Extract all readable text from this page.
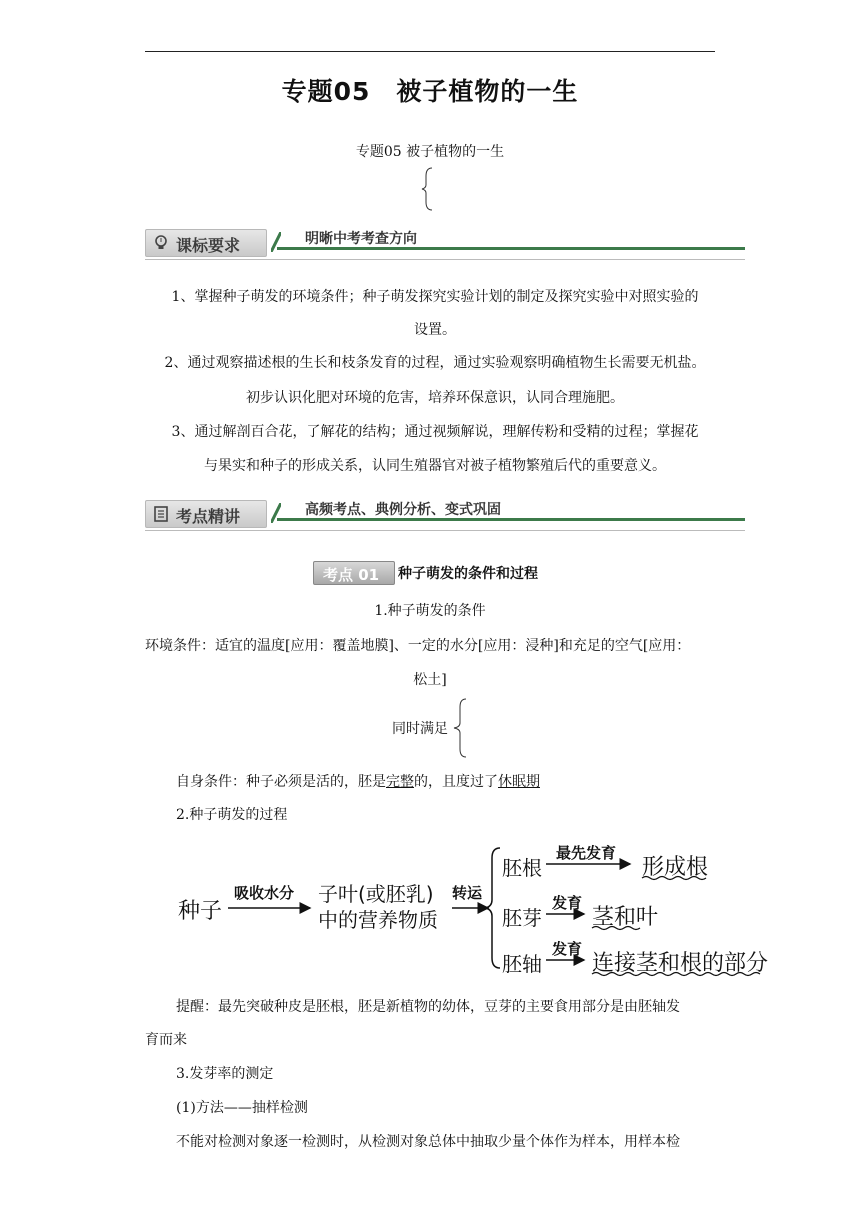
专题05　被子植物的一生
专题05 被子植物的一生
课标要求	明晰中考考查方向
1、掌握种子萌发的环境条件；种子萌发探究实验计划的制定及探究实验中对照实验的
设置。
2、通过观察描述根的生长和枝条发育的过程，通过实验观察明确植物生长需要无机盐。
初步认识化肥对环境的危害，培养环保意识，认同合理施肥。
3、通过解剖百合花，了解花的结构；通过视频解说，理解传粉和受精的过程；掌握花
与果实和种子的形成关系，认同生殖器官对被子植物繁殖后代的重要意义。
考点精讲	高频考点、典例分析、变式巩固
考点 01 种子萌发的条件和过程
1.种子萌发的条件
环境条件：适宜的温度[应用：覆盖地膜]、一定的水分[应用：浸种]和充足的空气[应用：
松土]
同时满足
自身条件：种子必须是活的，胚是完整的，且度过了休眠期
2.种子萌发的过程
种子
吸收水分 子叶(或胚乳)
中的营养物质
转运
胚根
最先发育
形成根
胚芽
发育
茎和叶
胚轴
发育
连接茎和根的部分
提醒：最先突破种皮是胚根，胚是新植物的幼体，豆芽的主要食用部分是由胚轴发
育而来
3.发芽率的测定
(1)方法——抽样检测
不能对检测对象逐一检测时，从检测对象总体中抽取少量个体作为样本，用样本检
